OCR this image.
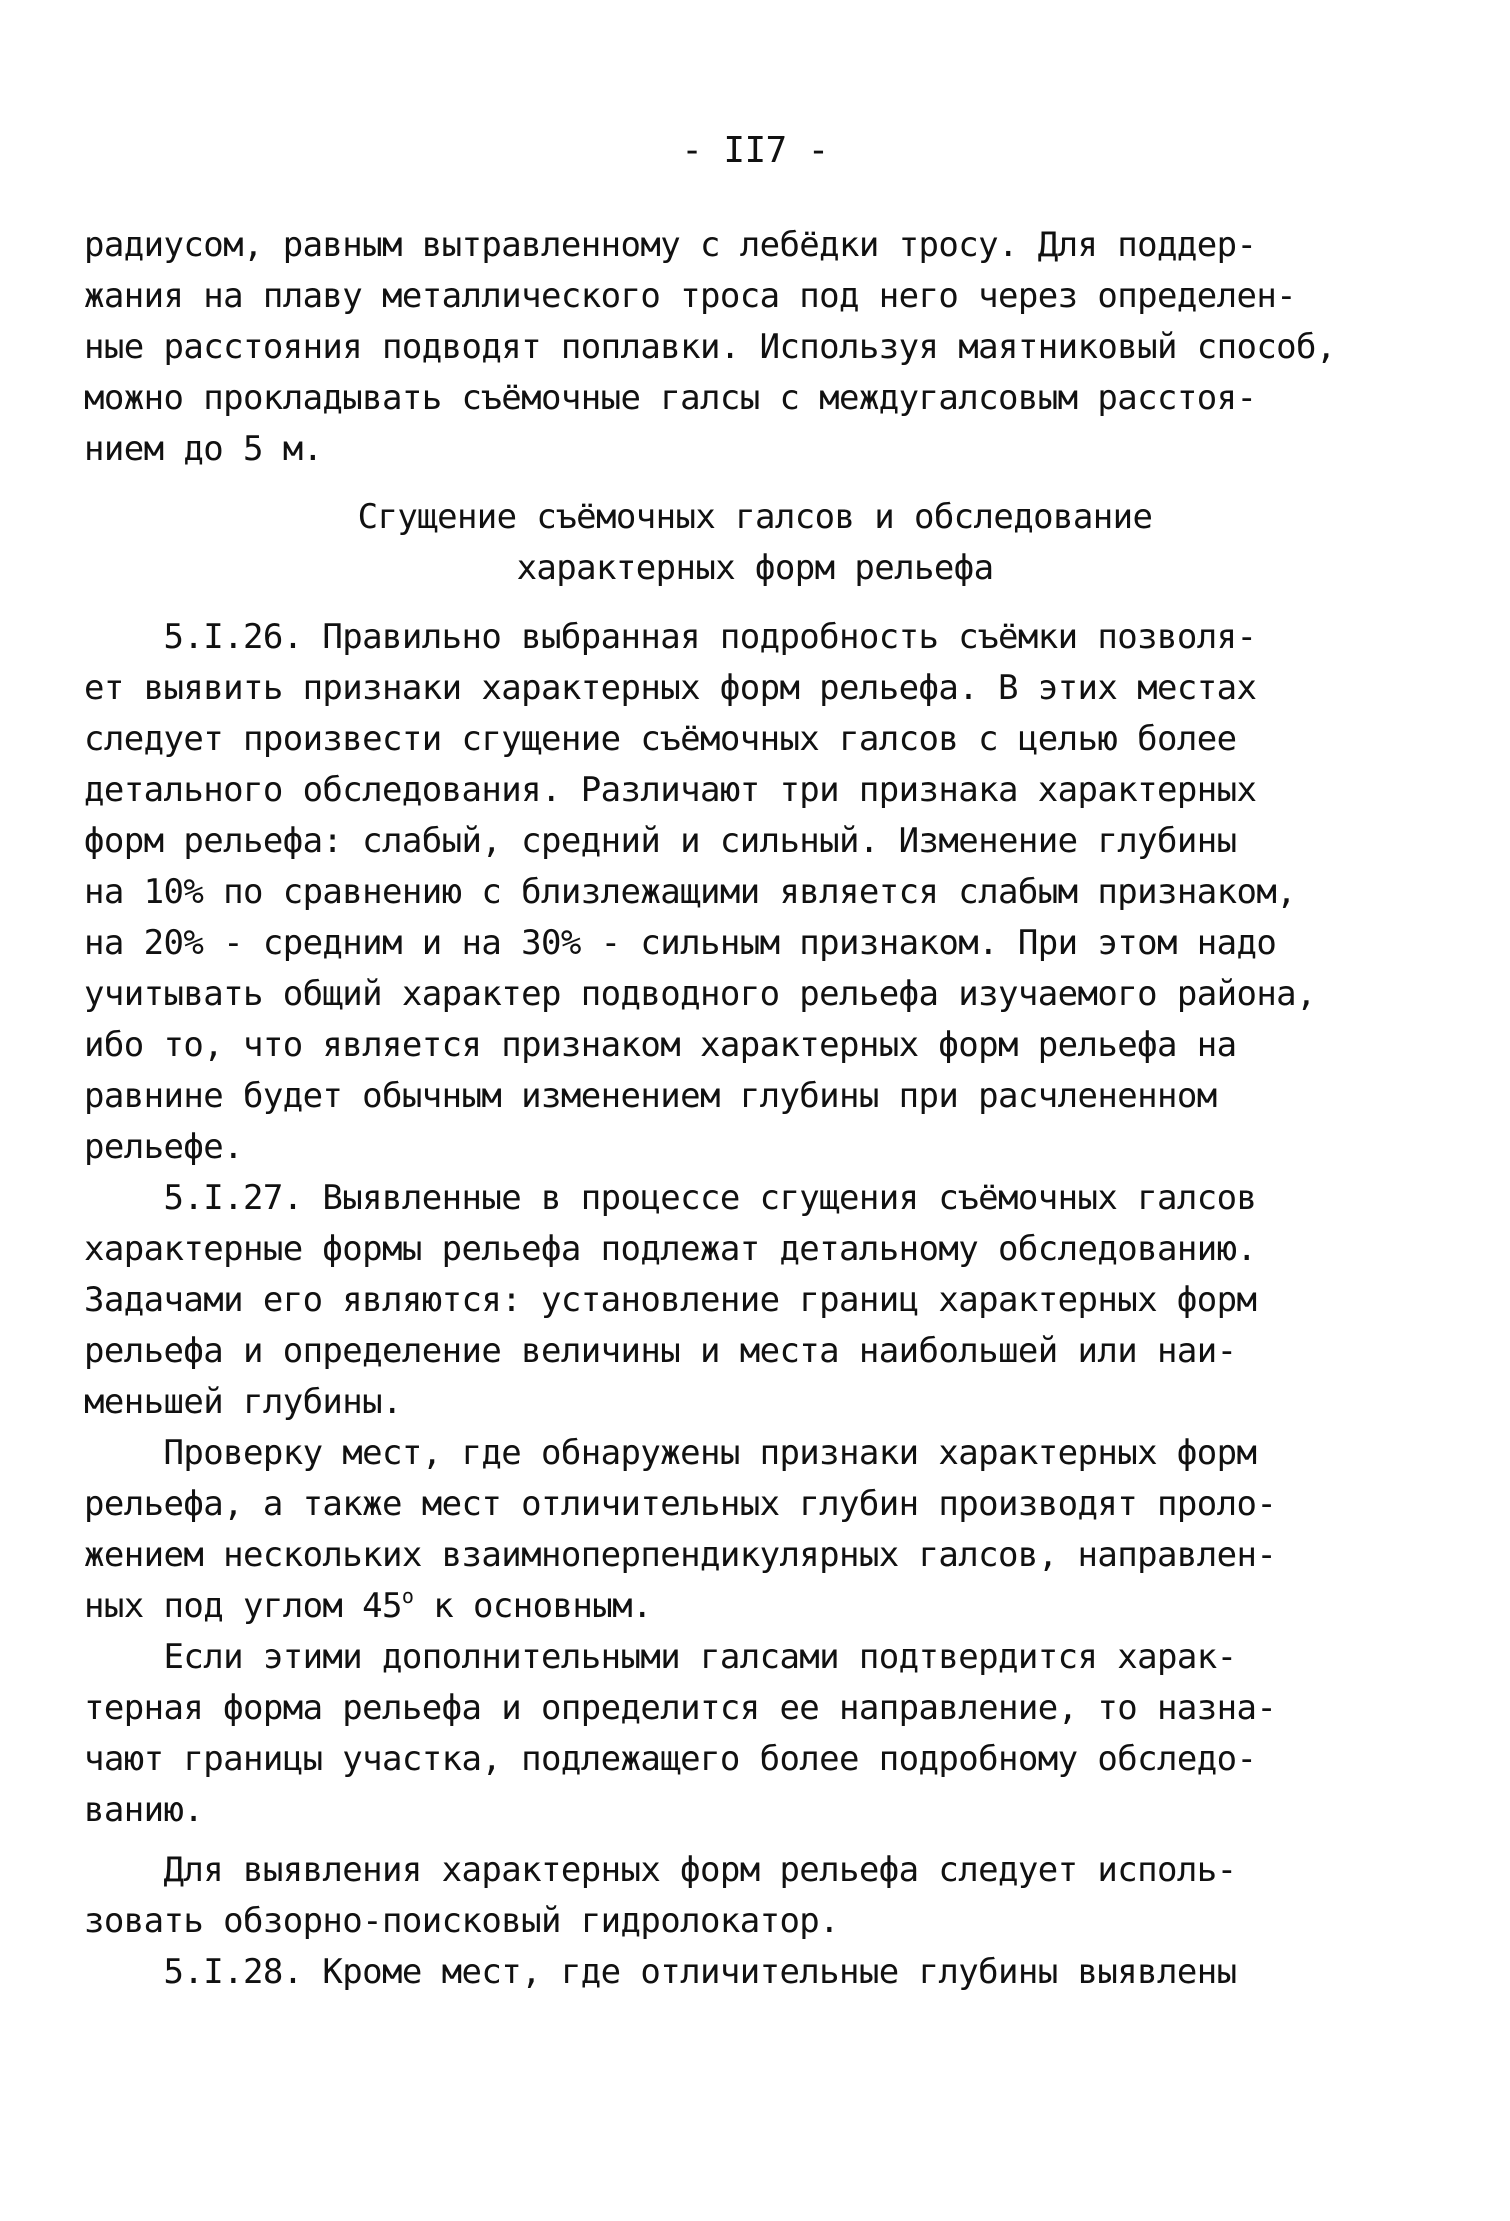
- II7 -
радиусом, равным вытравленному с лебёдки тросу. Для поддер-
жания на плаву металлического троса под него через определен-
ные расстояния подводят поплавки. Используя маятниковый способ,
можно прокладывать съёмочные галсы с междугалсовым расстоя-
нием до 5 м.
Сгущение съёмочных галсов и обследование
характерных форм рельефа
5.I.26. Правильно выбранная подробность съёмки позволя-
ет выявить признаки характерных форм рельефа. В этих местах
следует произвести сгущение съёмочных галсов с целью более
детального обследования. Различают три признака характерных
форм рельефа: слабый, средний и сильный. Изменение глубины
на 10% по сравнению с близлежащими является слабым признаком,
на 20% - средним и на 30% - сильным признаком. При этом надо
учитывать общий характер подводного рельефа изучаемого района,
ибо то, что является признаком характерных форм рельефа на
равнине будет обычным изменением глубины при расчлененном
рельефе.
5.I.27. Выявленные в процессе сгущения съёмочных галсов
характерные формы рельефа подлежат детальному обследованию.
Задачами его являются: установление границ характерных форм
рельефа и определение величины и места наибольшей или наи-
меньшей глубины.
Проверку мест, где обнаружены признаки характерных форм
рельефа, а также мест отличительных глубин производят проло-
жением нескольких взаимноперпендикулярных галсов, направлен-
ных под углом 45$^o$ к основным.
Если этими дополнительными галсами подтвердится харак-
терная форма рельефа и определится ее направление, то назна-
чают границы участка, подлежащего более подробному обследо-
ванию.
Для выявления характерных форм рельефа следует исполь-
зовать обзорно-поисковый гидролокатор.
5.I.28. Кроме мест, где отличительные глубины выявлены
